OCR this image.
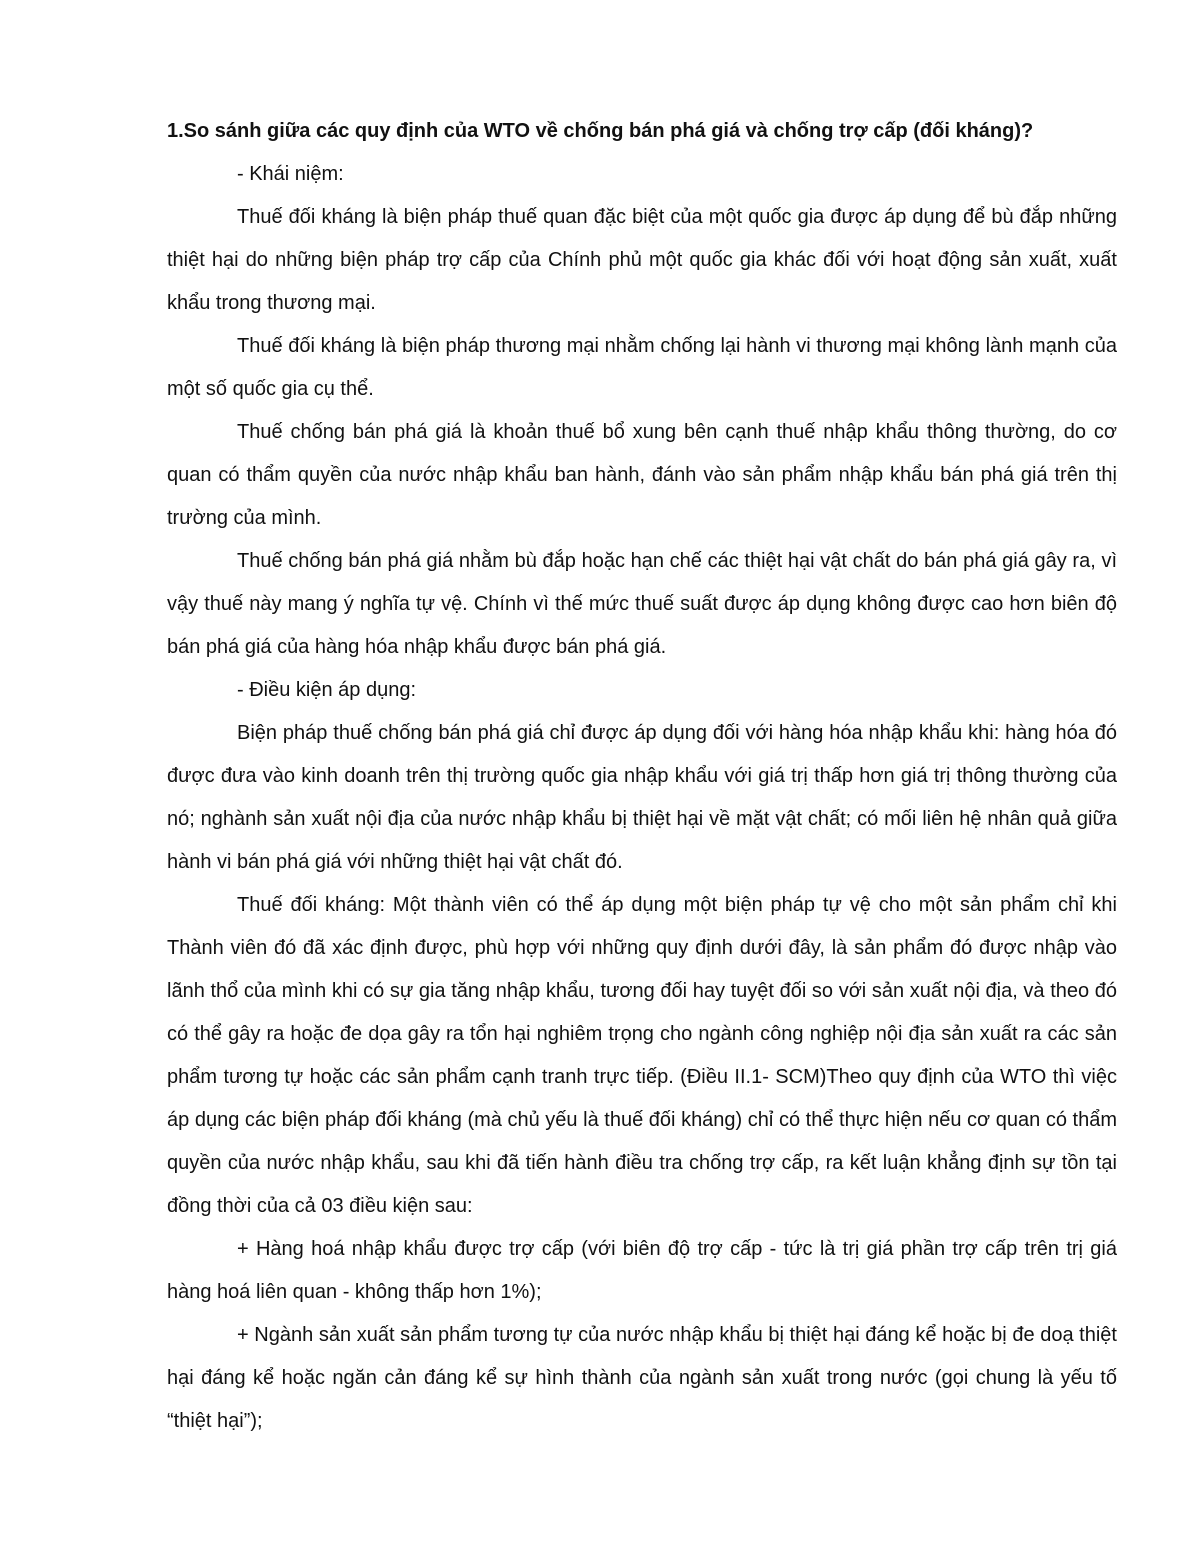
1.So sánh giữa các quy định của WTO về chống bán phá giá và chống trợ cấp (đối kháng)?

- Khái niệm:

Thuế đối kháng là biện pháp thuế quan đặc biệt của một quốc gia được áp dụng để bù đắp những thiệt hại do những biện pháp trợ cấp của Chính phủ một quốc gia khác đối với hoạt động sản xuất, xuất khẩu trong thương mại.

Thuế đối kháng là biện pháp thương mại nhằm chống lại hành vi thương mại không lành mạnh của một số quốc gia cụ thể.

Thuế chống bán phá giá là khoản thuế bổ xung bên cạnh thuế nhập khẩu thông thường, do cơ quan có thẩm quyền của nước nhập khẩu ban hành, đánh vào sản phẩm nhập khẩu bán phá giá trên thị trường của mình.

Thuế chống bán phá giá nhằm bù đắp hoặc hạn chế các thiệt hại vật chất do bán phá giá gây ra, vì vậy thuế này mang ý nghĩa tự vệ. Chính vì thế mức thuế suất được áp dụng không được cao hơn biên độ bán phá giá của hàng hóa nhập khẩu được bán phá giá.

- Điều kiện áp dụng:

Biện pháp thuế chống bán phá giá chỉ được áp dụng đối với hàng hóa nhập khẩu khi: hàng hóa đó được đưa vào kinh doanh trên thị trường quốc gia nhập khẩu với giá trị thấp hơn giá trị thông thường của nó; nghành sản xuất nội địa của nước nhập khẩu bị thiệt hại về mặt vật chất; có mối liên hệ nhân quả giữa hành vi bán phá giá với những thiệt hại vật chất đó.

Thuế đối kháng: Một thành viên có thể áp dụng một biện pháp tự vệ cho một sản phẩm chỉ khi Thành viên đó đã xác định được, phù hợp với những quy định dưới đây, là sản phẩm đó được nhập vào lãnh thổ của mình khi có sự gia tăng nhập khẩu, tương đối hay tuyệt đối so với sản xuất nội địa, và theo đó có thể gây ra hoặc đe dọa gây ra tổn hại nghiêm trọng cho ngành công nghiệp nội địa sản xuất ra các sản phẩm tương tự hoặc các sản phẩm cạnh tranh trực tiếp. (Điều II.1- SCM)Theo quy định của WTO thì việc áp dụng các biện pháp đối kháng (mà chủ yếu là thuế đối kháng) chỉ có thể thực hiện nếu cơ quan có thẩm quyền của nước nhập khẩu, sau khi đã tiến hành điều tra chống trợ cấp, ra kết luận khẳng định sự tồn tại đồng thời của cả 03 điều kiện sau:

+ Hàng hoá nhập khẩu được trợ cấp (với biên độ trợ cấp - tức là trị giá phần trợ cấp trên trị giá hàng hoá liên quan - không thấp hơn 1%);

+ Ngành sản xuất sản phẩm tương tự của nước nhập khẩu bị thiệt hại đáng kể hoặc bị đe doạ thiệt hại đáng kể hoặc ngăn cản đáng kể sự hình thành của ngành sản xuất trong nước (gọi chung là yếu tố “thiệt hại”);
